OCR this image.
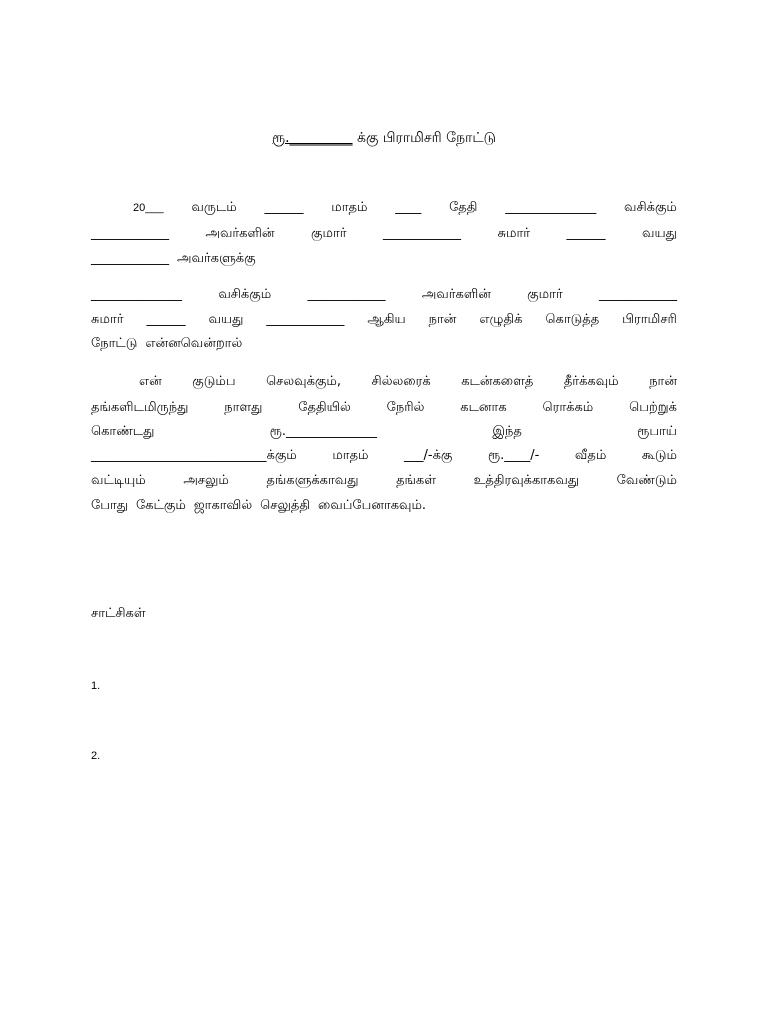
ரூ._________ க்கு பிராமிசரி நோட்டு
20___ வருடம் ______ மாதம் ____ தேதி ______________ வசிக்கும்
____________	அவர்களின்	குமார்	____________	சுமார்	______	வயது
____________ அவர்களுக்கு
______________	வசிக்கும்	____________	அவர்களின்	குமார்	____________
சுமார் ______ வயது ____________ ஆகிய நான் எழுதிக் கொடுத்த பிராமிசரி
நோட்டு என்னவென்றால்
என் குடும்ப செலவுக்கும், சில்லரைக் கடன்களைத் தீர்க்கவும் நான்
தங்களிடமிருந்து	நாளது	தேதியில்	நேரில்	கடனாக	ரொக்கம்	பெற்றுக்
கொண்டது	ரூ.______________	இந்த	ரூபாய்
___________________________க்கும்	மாதம்	___/-க்கு	ரூ.____/-	வீதம்	கூடும்
வட்டியும்	அசலும்	தங்களுக்காவது	தங்கள்	உத்திரவுக்காகவது	வேண்டும்
போது கேட்கும் ஜாகாவில் செலுத்தி வைப்பேனாகவும்.
சாட்சிகள்
1.
2.
